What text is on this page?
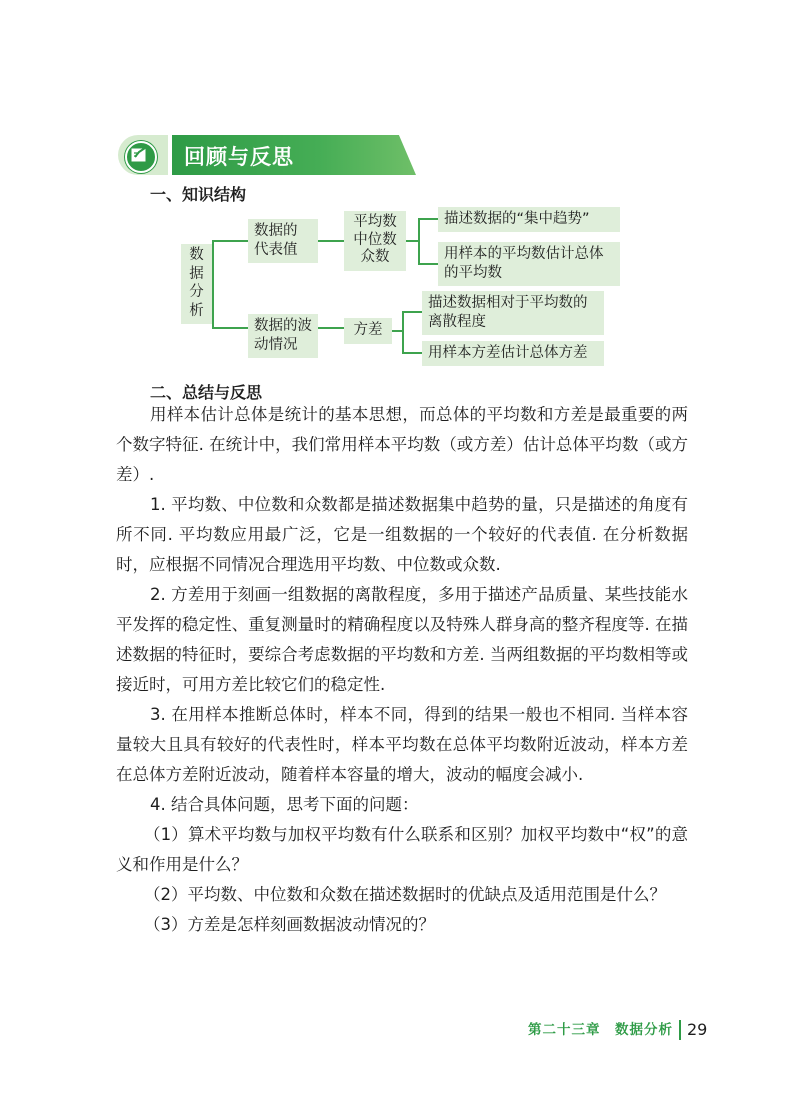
回顾与反思
一、知识结构
数
据
分
析
数据的
代表值
平均数
中位数
众数
描述数据的“集中趋势”
用样本的平均数估计总体
的平均数
数据的波
动情况
方差
描述数据相对于平均数的
离散程度
用样本方差估计总体方差
二、总结与反思
用样本估计总体是统计的基本思想，而总体的平均数和方差是最重要的两个数字特征. 在统计中，我们常用样本平均数（或方差）估计总体平均数（或方差）.
1. 平均数、中位数和众数都是描述数据集中趋势的量，只是描述的角度有所不同. 平均数应用最广泛，它是一组数据的一个较好的代表值. 在分析数据时，应根据不同情况合理选用平均数、中位数或众数.
2. 方差用于刻画一组数据的离散程度，多用于描述产品质量、某些技能水平发挥的稳定性、重复测量时的精确程度以及特殊人群身高的整齐程度等. 在描述数据的特征时，要综合考虑数据的平均数和方差. 当两组数据的平均数相等或接近时，可用方差比较它们的稳定性.
3. 在用样本推断总体时，样本不同，得到的结果一般也不相同. 当样本容量较大且具有较好的代表性时，样本平均数在总体平均数附近波动，样本方差在总体方差附近波动，随着样本容量的增大，波动的幅度会减小.
4. 结合具体问题，思考下面的问题：
（1）算术平均数与加权平均数有什么联系和区别？加权平均数中“权”的意义和作用是什么？
（2）平均数、中位数和众数在描述数据时的优缺点及适用范围是什么？
（3）方差是怎样刻画数据波动情况的？
第二十三章　数据分析 29
